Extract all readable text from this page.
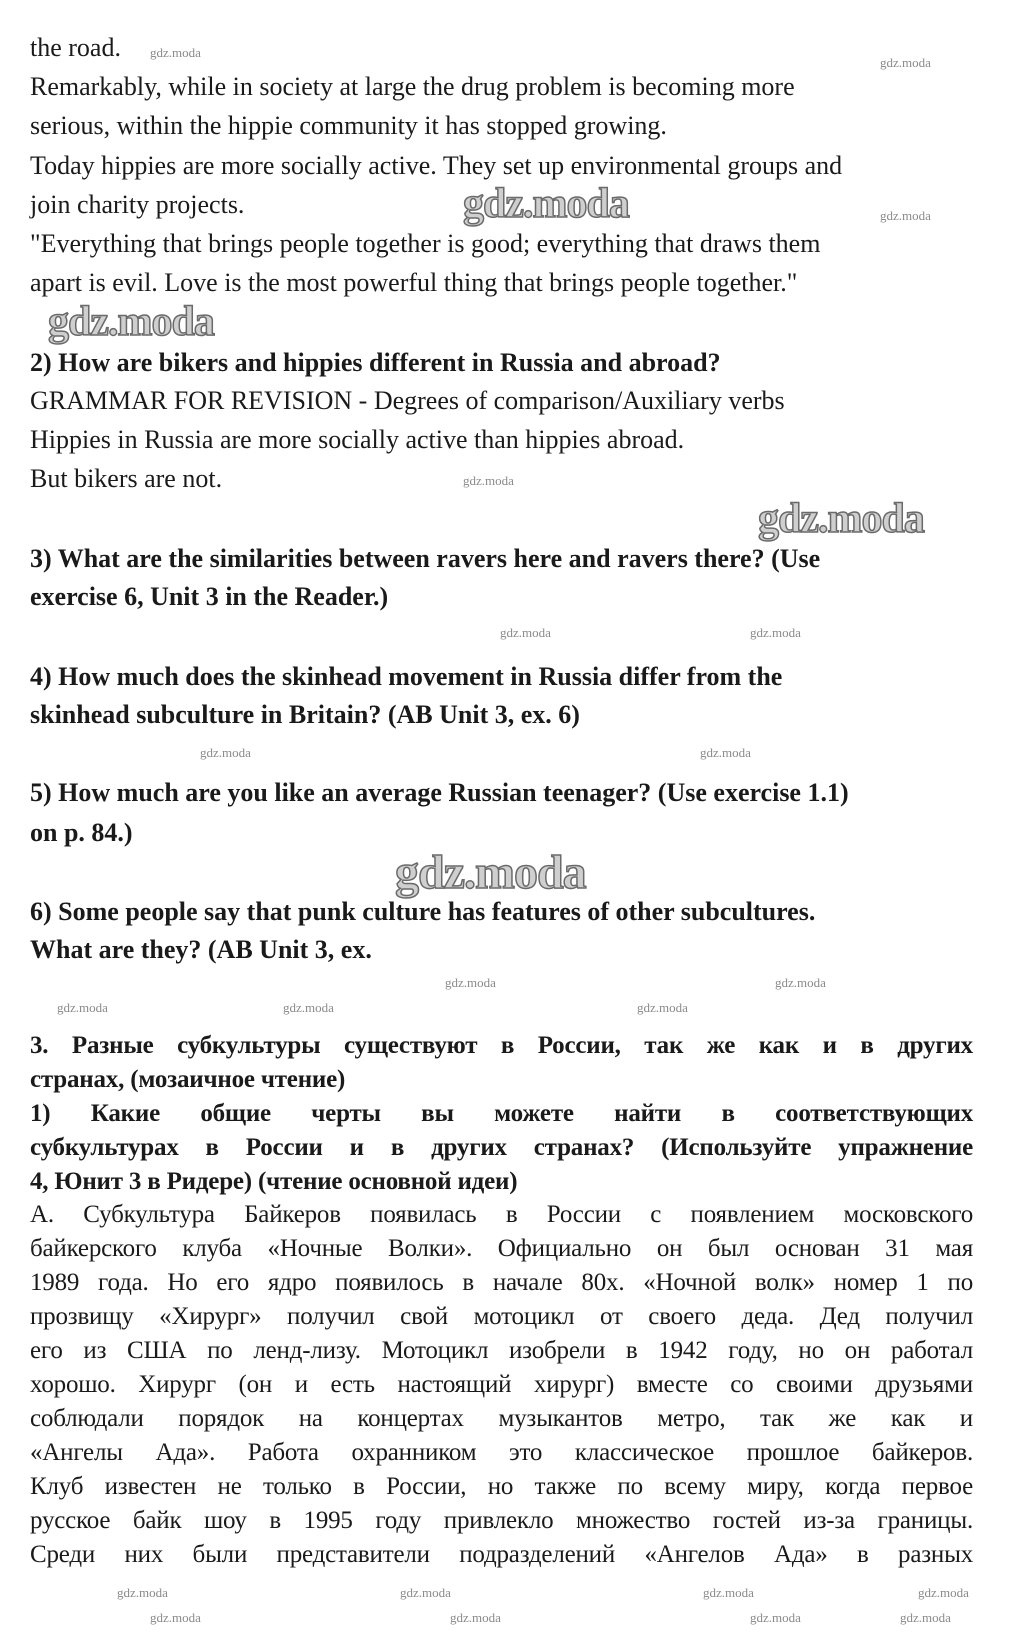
the road.
Remarkably, while in society at large the drug problem is becoming more
serious, within the hippie community it has stopped growing.
Today hippies are more socially active. They set up environmental groups and
join charity projects.
"Everything that brings people together is good; everything that draws them
apart is evil. Love is the most powerful thing that brings people together."
2) How are bikers and hippies different in Russia and abroad?
GRAMMAR FOR REVISION - Degrees of comparison/Auxiliary verbs
Hippies in Russia are more socially active than hippies abroad.
But bikers are not.
3) What are the similarities between ravers here and ravers there? (Use
exercise 6, Unit 3 in the Reader.)
4) How much does the skinhead movement in Russia differ from the
skinhead subculture in Britain? (AB Unit 3, ex. 6)
5) How much are you like an average Russian teenager? (Use exercise 1.1)
on p. 84.)
6) Some people say that punk culture has features of other subcultures.
What are they? (AB Unit 3, ex.
3. Разные субкультуры существуют в России, так же как и в других
странах, (мозаичное чтение)
1) Какие общие черты вы можете найти в соответствующих
субкультурах в России и в других странах? (Используйте упражнение
4, Юнит 3 в Ридере) (чтение основной идеи)
А. Субкультура Байкеров появилась в России с появлением московского
байкерского клуба «Ночные Волки». Официально он был основан 31 мая
1989 года. Но его ядро появилось в начале 80х. «Ночной волк» номер 1 по
прозвищу «Хирург» получил свой мотоцикл от своего деда. Дед получил
его из США по ленд-лизу. Мотоцикл изобрели в 1942 году, но он работал
хорошо. Хирург (он и есть настоящий хирург) вместе со своими друзьями
соблюдали порядок на концертах музыкантов метро, так же как и
«Ангелы Ада». Работа охранником это классическое прошлое байкеров.
Клуб известен не только в России, но также по всему миру, когда первое
русское байк шоу в 1995 году привлекло множество гостей из-за границы.
Среди них были представители подразделений «Ангелов Ада» в разных
gdz.moda
gdz.moda
gdz.moda
gdz.moda
gdz.moda
gdz.moda
gdz.moda
gdz.moda
gdz.moda	gdz.moda
gdz.moda
gdz.moda	gdz.moda
gdz.moda	gdz.moda
gdz.moda	gdz.moda
gdz.moda	gdz.moda	gdz.moda	gdz.moda
gdz.moda	gdz.moda	gdz.moda	gdz.moda
